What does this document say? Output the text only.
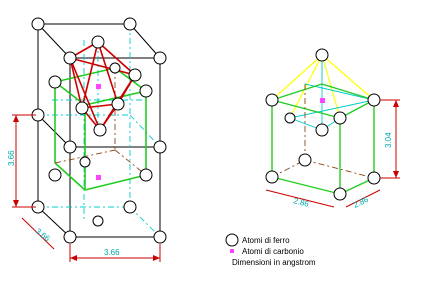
3.66
3.66
3.66
3.04
2.86	2.86
Atomi di ferro
Atomi di carbonio
Dimensioni in angstrom
